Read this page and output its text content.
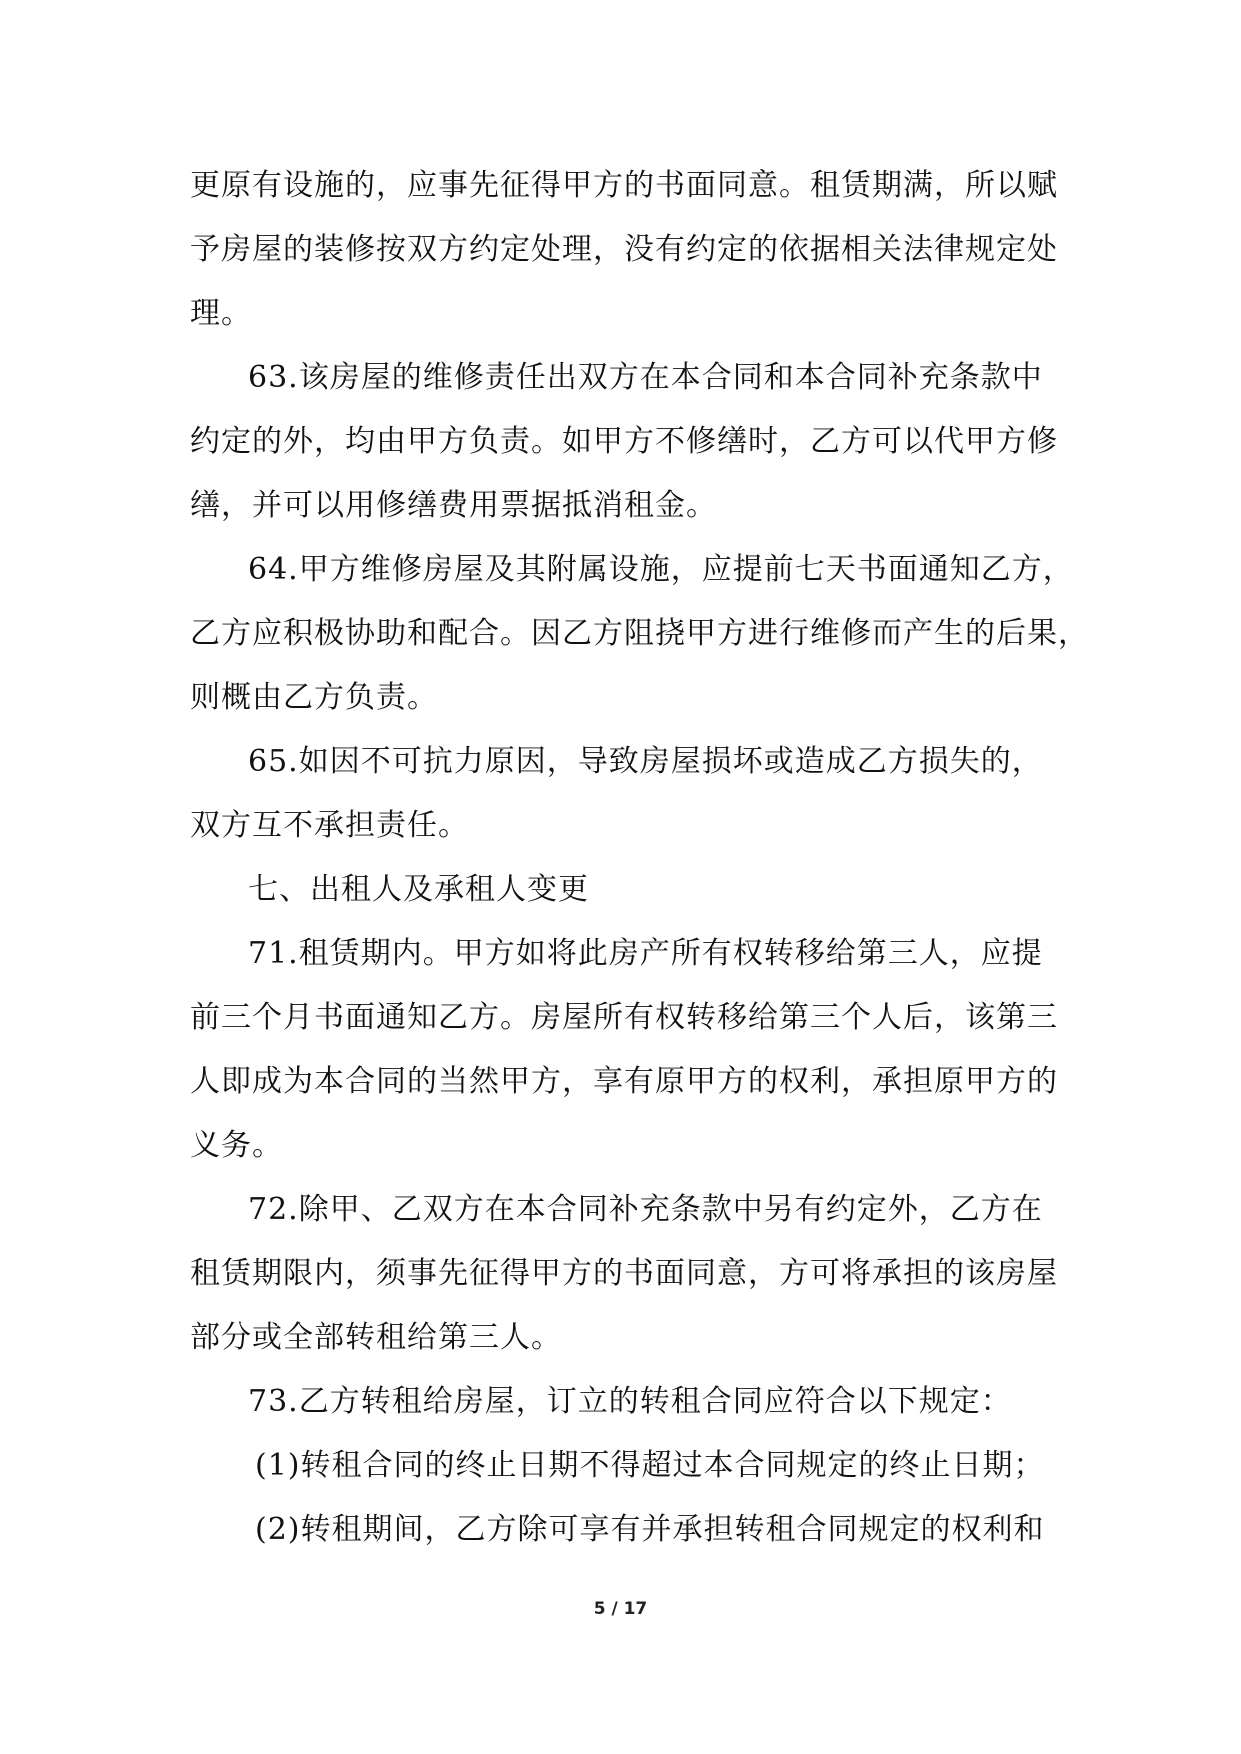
更原有设施的，应事先征得甲方的书面同意。租赁期满，所以赋
予房屋的装修按双方约定处理，没有约定的依据相关法律规定处
理。
63.该房屋的维修责任出双方在本合同和本合同补充条款中
约定的外，均由甲方负责。如甲方不修缮时，乙方可以代甲方修
缮，并可以用修缮费用票据抵消租金。
64.甲方维修房屋及其附属设施，应提前七天书面通知乙方，
乙方应积极协助和配合。因乙方阻挠甲方进行维修而产生的后果，
则概由乙方负责。
65.如因不可抗力原因，导致房屋损坏或造成乙方损失的，
双方互不承担责任。
七、出租人及承租人变更
71.租赁期内。甲方如将此房产所有权转移给第三人，应提
前三个月书面通知乙方。房屋所有权转移给第三个人后，该第三
人即成为本合同的当然甲方，享有原甲方的权利，承担原甲方的
义务。
72.除甲、乙双方在本合同补充条款中另有约定外，乙方在
租赁期限内，须事先征得甲方的书面同意，方可将承担的该房屋
部分或全部转租给第三人。
73.乙方转租给房屋，订立的转租合同应符合以下规定：
(1)转租合同的终止日期不得超过本合同规定的终止日期；
(2)转租期间，乙方除可享有并承担转租合同规定的权利和
5 / 17
